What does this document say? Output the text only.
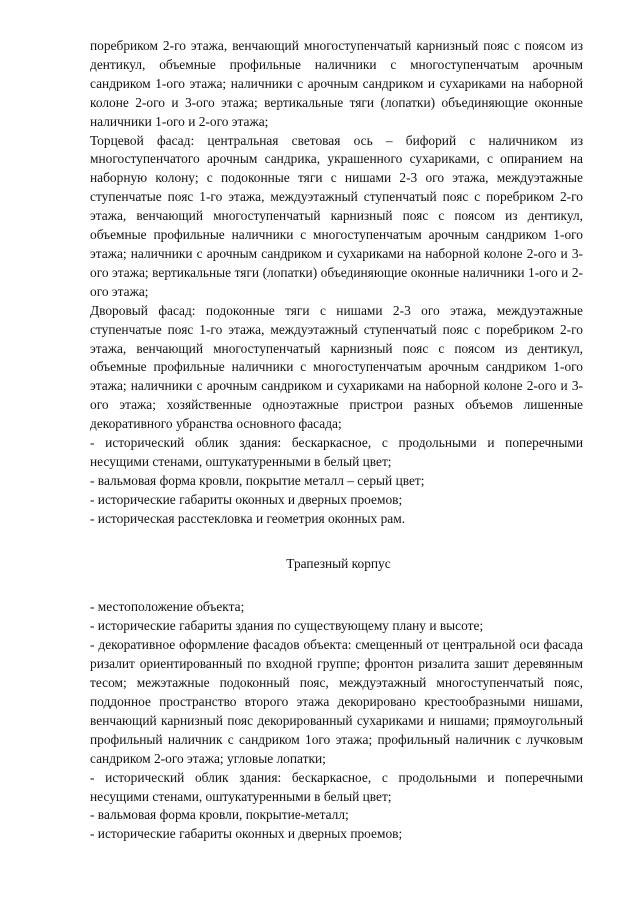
поребриком 2-го этажа, венчающий многоступенчатый карнизный пояс с поясом из дентикул, объемные профильные наличники с многоступенчатым арочным сандриком 1-ого этажа; наличники с арочным сандриком и сухариками на наборной колоне 2-ого и 3-ого этажа; вертикальные тяги (лопатки) объединяющие оконные наличники 1-ого и 2-ого этажа;

Торцевой фасад: центральная световая ось – бифорий с наличником из многоступенчатого арочным сандрика, украшенного сухариками, с опиранием на наборную колону; с подоконные тяги с нишами 2-3 ого этажа, междуэтажные ступенчатые пояс 1-го этажа, междуэтажный ступенчатый пояс с поребриком 2-го этажа, венчающий многоступенчатый карнизный пояс с поясом из дентикул, объемные профильные наличники с многоступенчатым арочным сандриком 1-ого этажа; наличники с арочным сандриком и сухариками на наборной колоне 2-ого и 3-ого этажа; вертикальные тяги (лопатки) объединяющие оконные наличники 1-ого и 2-ого этажа;

Дворовый фасад: подоконные тяги с нишами 2-3 ого этажа, междуэтажные ступенчатые пояс 1-го этажа, междуэтажный ступенчатый пояс с поребриком 2-го этажа, венчающий многоступенчатый карнизный пояс с поясом из дентикул, объемные профильные наличники с многоступенчатым арочным сандриком 1-ого этажа; наличники с арочным сандриком и сухариками на наборной колоне 2-ого и 3-ого этажа; хозяйственные одноэтажные пристрои разных объемов лишенные декоративного убранства основного фасада;

- исторический облик здания: бескаркасное, с продольными и поперечными несущими стенами, оштукатуренными в белый цвет;

- вальмовая форма кровли, покрытие металл – серый цвет;

- исторические габариты оконных и дверных проемов;

- историческая расстекловка и геометрия оконных рам.

Трапезный корпус

- местоположение объекта;

- исторические габариты здания по существующему плану и высоте;

- декоративное оформление фасадов объекта: смещенный от центральной оси фасада ризалит ориентированный по входной группе; фронтон ризалита зашит деревянным тесом; межэтажные подоконный пояс, междуэтажный многоступенчатый пояс, поддонное пространство второго этажа декорировано крестообразными нишами, венчающий карнизный пояс декорированный сухариками и нишами; прямоугольный профильный наличник с сандриком 1ого этажа; профильный наличник с лучковым сандриком 2-ого этажа; угловые лопатки;

- исторический облик здания: бескаркасное, с продольными и поперечными несущими стенами, оштукатуренными в белый цвет;

- вальмовая форма кровли, покрытие-металл;

- исторические габариты оконных и дверных проемов;
